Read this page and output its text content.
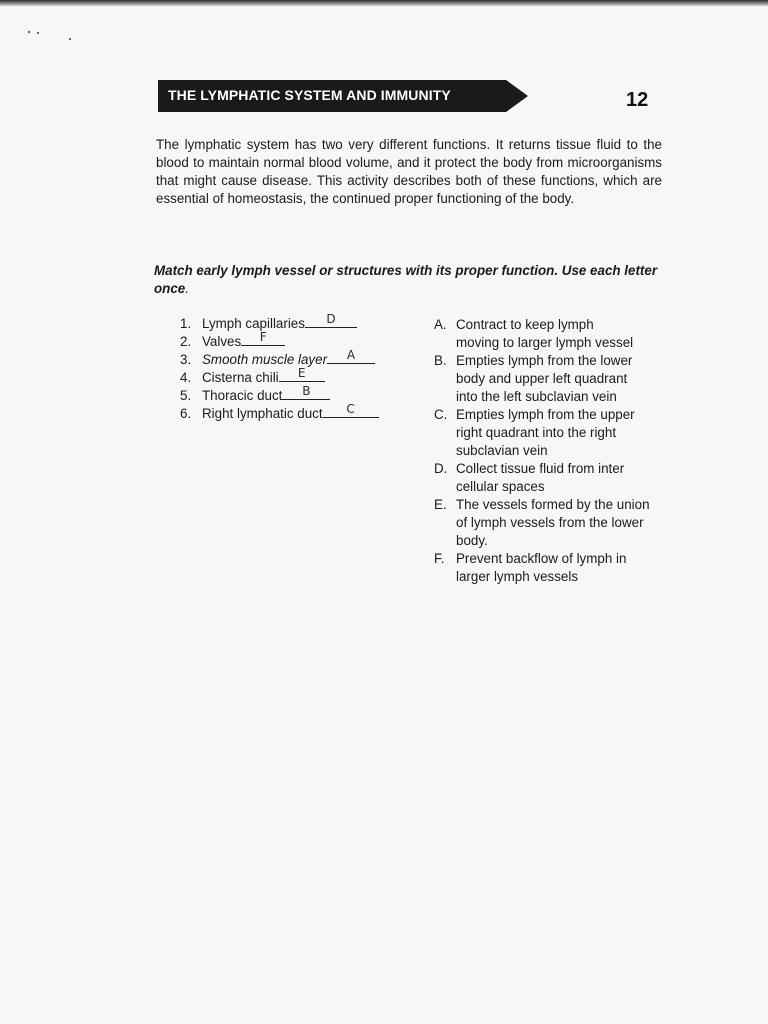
THE LYMPHATIC SYSTEM AND IMMUNITY	12

The lymphatic system has two very different functions. It returns tissue fluid to the blood to maintain normal blood volume, and it protect the body from microorganisms that might cause disease. This activity describes both of these functions, which are essential of homeostasis, the continued proper functioning of the body.

Match early lymph vessel or structures with its proper function. Use each letter once.

1. Lymph capillaries	D
2. Valves	F
3. Smooth muscle layer	A
4. Cisterna chili	E
5. Thoracic duct	B
6. Right lymphatic duct	C
A. Contract to keep lymph moving to larger lymph vessel
B. Empties lymph from the lower body and upper left quadrant into the left subclavian vein
C. Empties lymph from the upper right quadrant into the right subclavian vein
D. Collect tissue fluid from inter cellular spaces
E. The vessels formed by the union of lymph vessels from the lower body.
F. Prevent backflow of lymph in larger lymph vessels
